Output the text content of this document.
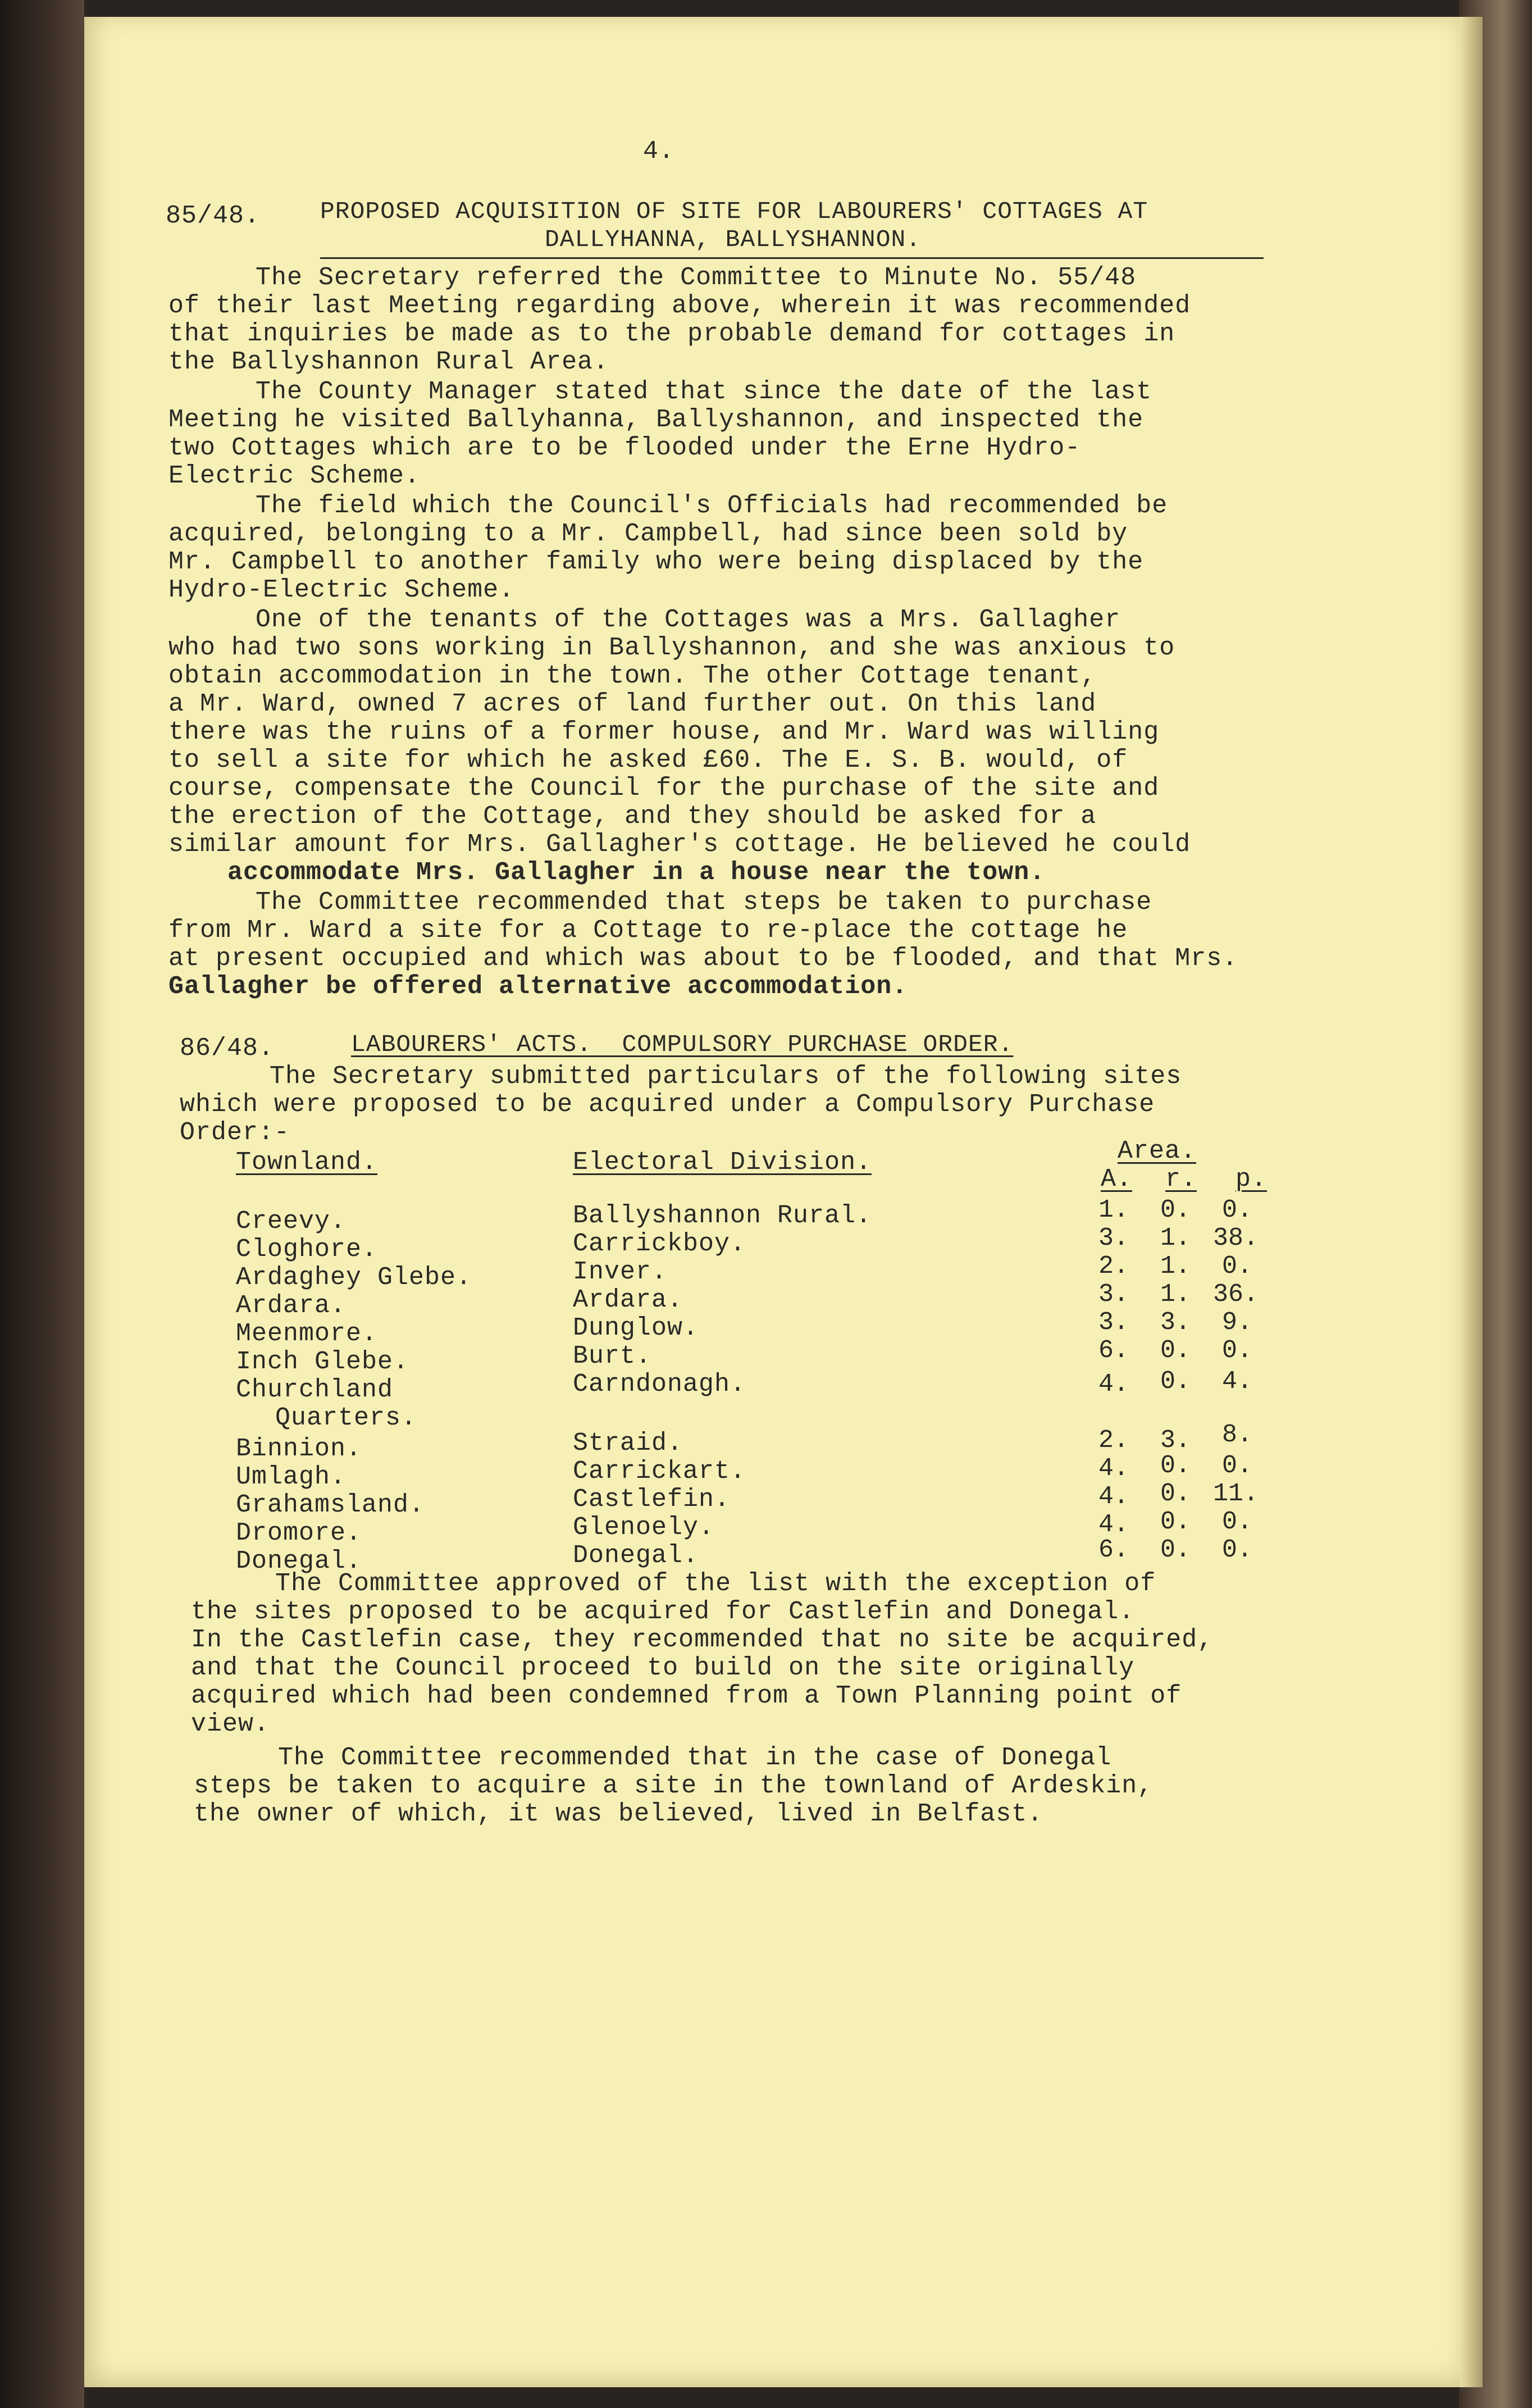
4.
85/48. PROPOSED ACQUISITION OF SITE FOR LABOURERS' COTTAGES AT
DALLYHANNA, BALLYSHANNON.
The Secretary referred the Committee to Minute No. 55/48
of their last Meeting regarding above, wherein it was recommended
that inquiries be made as to the probable demand for cottages in
the Ballyshannon Rural Area.
The County Manager stated that since the date of the last
Meeting he visited Ballyhanna, Ballyshannon, and inspected the
two Cottages which are to be flooded under the Erne Hydro-
Electric Scheme.
The field which the Council's Officials had recommended be
acquired, belonging to a Mr. Campbell, had since been sold by
Mr. Campbell to another family who were being displaced by the
Hydro-Electric Scheme.
One of the tenants of the Cottages was a Mrs. Gallagher
who had two sons working in Ballyshannon, and she was anxious to
obtain accommodation in the town. The other Cottage tenant,
a Mr. Ward, owned 7 acres of land further out. On this land
there was the ruins of a former house, and Mr. Ward was willing
to sell a site for which he asked £60. The E. S. B. would, of
course, compensate the Council for the purchase of the site and
the erection of the Cottage, and they should be asked for a
similar amount for Mrs. Gallagher's cottage. He believed he could
accommodate Mrs. Gallagher in a house near the town.
The Committee recommended that steps be taken to purchase
from Mr. Ward a site for a Cottage to re-place the cottage he
at present occupied and which was about to be flooded, and that Mrs.
Gallagher be offered alternative accommodation.
86/48.	LABOURERS' ACTS.  COMPULSORY PURCHASE ORDER.
The Secretary submitted particulars of the following sites
which were proposed to be acquired under a Compulsory Purchase
Order:-
Townland.	Electoral Division.	Area.
A. r. p.
Creevy.	Ballyshannon Rural.	1.	0.	0.
Cloghore.	Carrickboy.	3.	1. 38.
Ardaghey Glebe.	Inver.	2.	1.	0.
Ardara.	Ardara.	3.	1. 36.
Meenmore.	Dunglow.	3.	3.	9.
Inch Glebe.	Burt.	6.	0.	0.
Churchland	Carndonagh.	4.	0.	4.
Quarters.
Binnion.	Straid.	2.	3.	8.
Umlagh.	Carrickart.	4.	0.	0.
Grahamsland.	Castlefin.	4.	0. 11.
Dromore.	Glenoely.	4.	0.	0.
Donegal.	Donegal.	6.	0.	0.
The Committee approved of the list with the exception of
the sites proposed to be acquired for Castlefin and Donegal.
In the Castlefin case, they recommended that no site be acquired,
and that the Council proceed to build on the site originally
acquired which had been condemned from a Town Planning point of
view.
The Committee recommended that in the case of Donegal
steps be taken to acquire a site in the townland of Ardeskin,
the owner of which, it was believed, lived in Belfast.
